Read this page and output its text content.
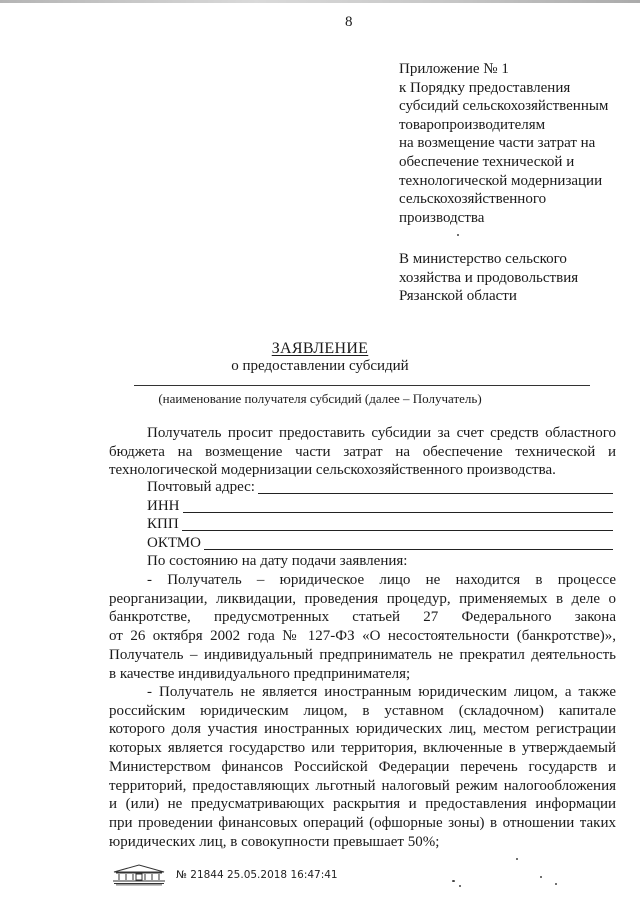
8
Приложение № 1
к Порядку предоставления
субсидий сельскохозяйственным
товаропроизводителям
на возмещение части затрат на
обеспечение технической и
технологической модернизации
сельскохозяйственного
производства
В министерство сельского
хозяйства и продовольствия
Рязанской области
ЗАЯВЛЕНИЕ
о предоставлении субсидий
(наименование получателя субсидий (далее – Получатель)

Получатель просит предоставить субсидии за счет средств областного бюджета на возмещение части затрат на обеспечение технической и технологической модернизации сельскохозяйственного производства.

Почтовый адрес:
ИНН
КПП
ОКТМО
По состоянию на дату подачи заявления:
- Получатель – юридическое лицо не находится в процессе
реорганизации, ликвидации, проведения процедур, применяемых в деле о
банкротстве, предусмотренных статьей 27 Федерального закона
от 26 октября 2002 года № 127-ФЗ «О несостоятельности (банкротстве)»,
Получатель – индивидуальный предприниматель не прекратил деятельность
в качестве индивидуального предпринимателя;
- Получатель не является иностранным юридическим лицом, а также
российским юридическим лицом, в уставном (складочном) капитале
которого доля участия иностранных юридических лиц, местом регистрации
которых является государство или территория, включенные в утверждаемый
Министерством финансов Российской Федерации перечень государств и
территорий, предоставляющих льготный налоговый режим налогообложения
и (или) не предусматривающих раскрытия и предоставления информации
при проведении финансовых операций (офшорные зоны) в отношении таких
юридических лиц, в совокупности превышает 50%;
№ 21844 25.05.2018 16:47:41
